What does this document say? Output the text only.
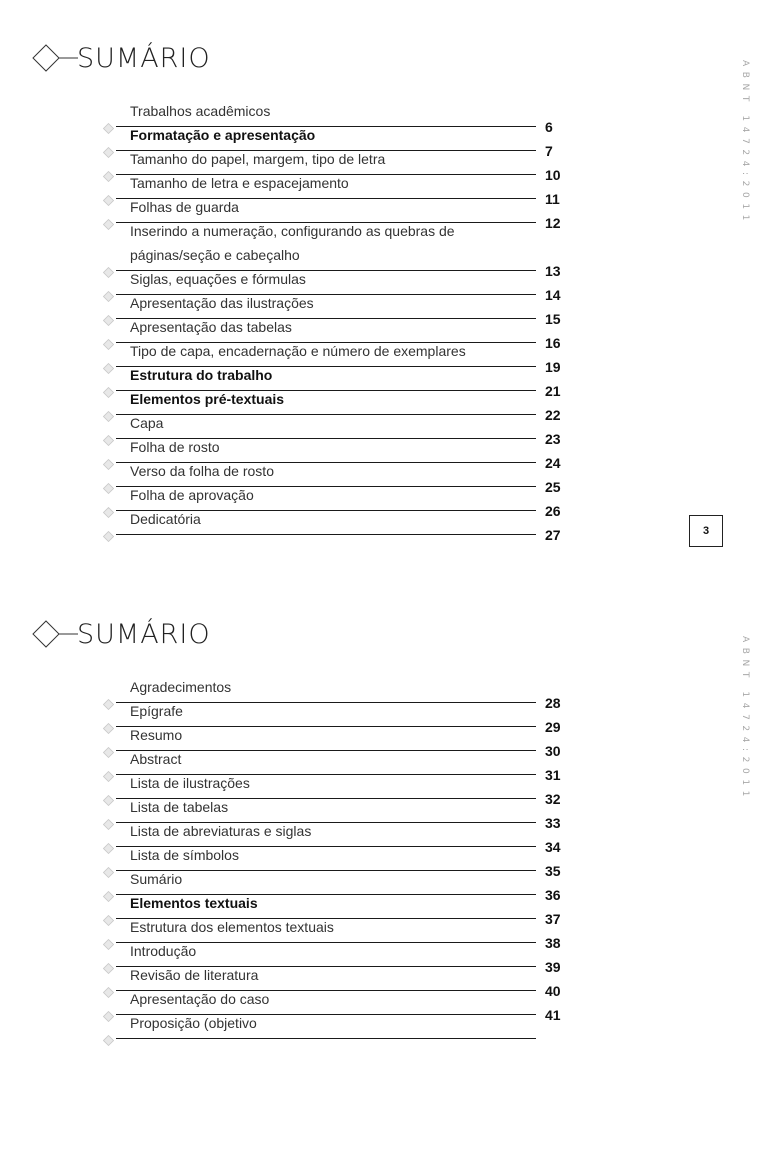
SUMÁRIO
ABNT 14724:2011
Trabalhos acadêmicos
6
Formatação e apresentação
7
Tamanho do papel, margem, tipo de letra
10
Tamanho de letra e espacejamento
11
Folhas de guarda
12
Inserindo a numeração, configurando as quebras de páginas/seção e cabeçalho
13
Siglas, equações e fórmulas
14
Apresentação das ilustrações
15
Apresentação das tabelas
16
Tipo de capa, encadernação e número de exemplares
19
Estrutura do trabalho
21
Elementos pré-textuais
22
Capa
23
Folha de rosto
24
Verso da folha de rosto
25
Folha de aprovação
26
Dedicatória
27	3
SUMÁRIO
ABNT 14724:2011
Agradecimentos
28
Epígrafe
29
Resumo
30
Abstract
31
Lista de ilustrações
32
Lista de tabelas
33
Lista de abreviaturas e siglas
34
Lista de símbolos
35
Sumário
36
Elementos textuais
37
Estrutura dos elementos textuais
38
Introdução
39
Revisão de literatura
40
Apresentação do caso
41
Proposição (objetivo
